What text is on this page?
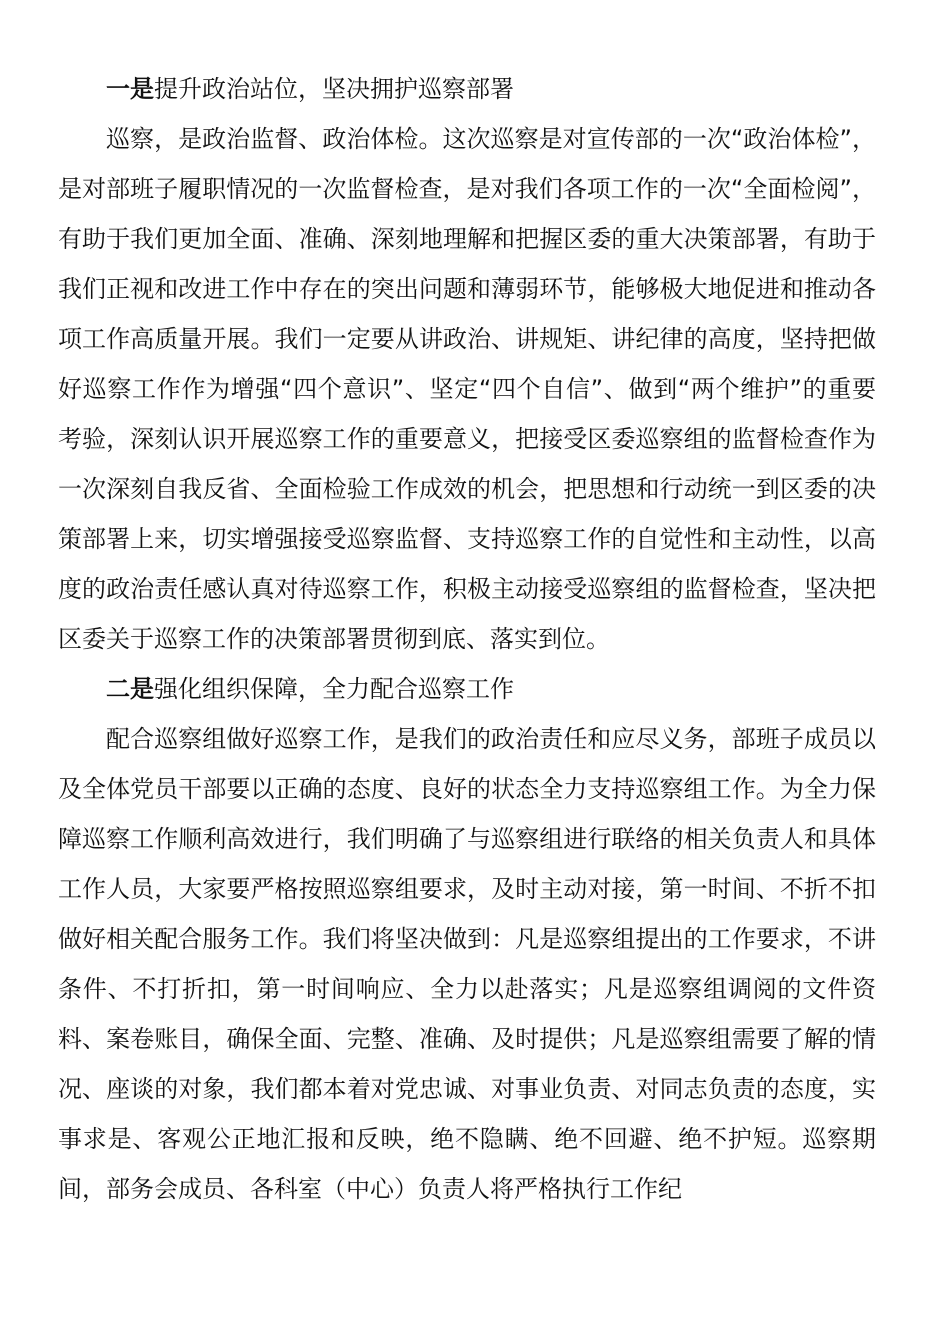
一是提升政治站位，坚决拥护巡察部署

巡察，是政治监督、政治体检。这次巡察是对宣传部的一次“政治体检”，是对部班子履职情况的一次监督检查，是对我们各项工作的一次“全面检阅”，有助于我们更加全面、准确、深刻地理解和把握区委的重大决策部署，有助于我们正视和改进工作中存在的突出问题和薄弱环节，能够极大地促进和推动各项工作高质量开展。我们一定要从讲政治、讲规矩、讲纪律的高度，坚持把做好巡察工作作为增强“四个意识”、坚定“四个自信”、做到“两个维护”的重要考验，深刻认识开展巡察工作的重要意义，把接受区委巡察组的监督检查作为一次深刻自我反省、全面检验工作成效的机会，把思想和行动统一到区委的决策部署上来，切实增强接受巡察监督、支持巡察工作的自觉性和主动性，以高度的政治责任感认真对待巡察工作，积极主动接受巡察组的监督检查，坚决把区委关于巡察工作的决策部署贯彻到底、落实到位。

二是强化组织保障，全力配合巡察工作

配合巡察组做好巡察工作，是我们的政治责任和应尽义务，部班子成员以及全体党员干部要以正确的态度、良好的状态全力支持巡察组工作。为全力保障巡察工作顺利高效进行，我们明确了与巡察组进行联络的相关负责人和具体工作人员，大家要严格按照巡察组要求，及时主动对接，第一时间、不折不扣做好相关配合服务工作。我们将坚决做到：凡是巡察组提出的工作要求，不讲条件、不打折扣，第一时间响应、全力以赴落实；凡是巡察组调阅的文件资料、案卷账目，确保全面、完整、准确、及时提供；凡是巡察组需要了解的情况、座谈的对象，我们都本着对党忠诚、对事业负责、对同志负责的态度，实事求是、客观公正地汇报和反映，绝不隐瞒、绝不回避、绝不护短。巡察期间，部务会成员、各科室（中心）负责人将严格执行工作纪
